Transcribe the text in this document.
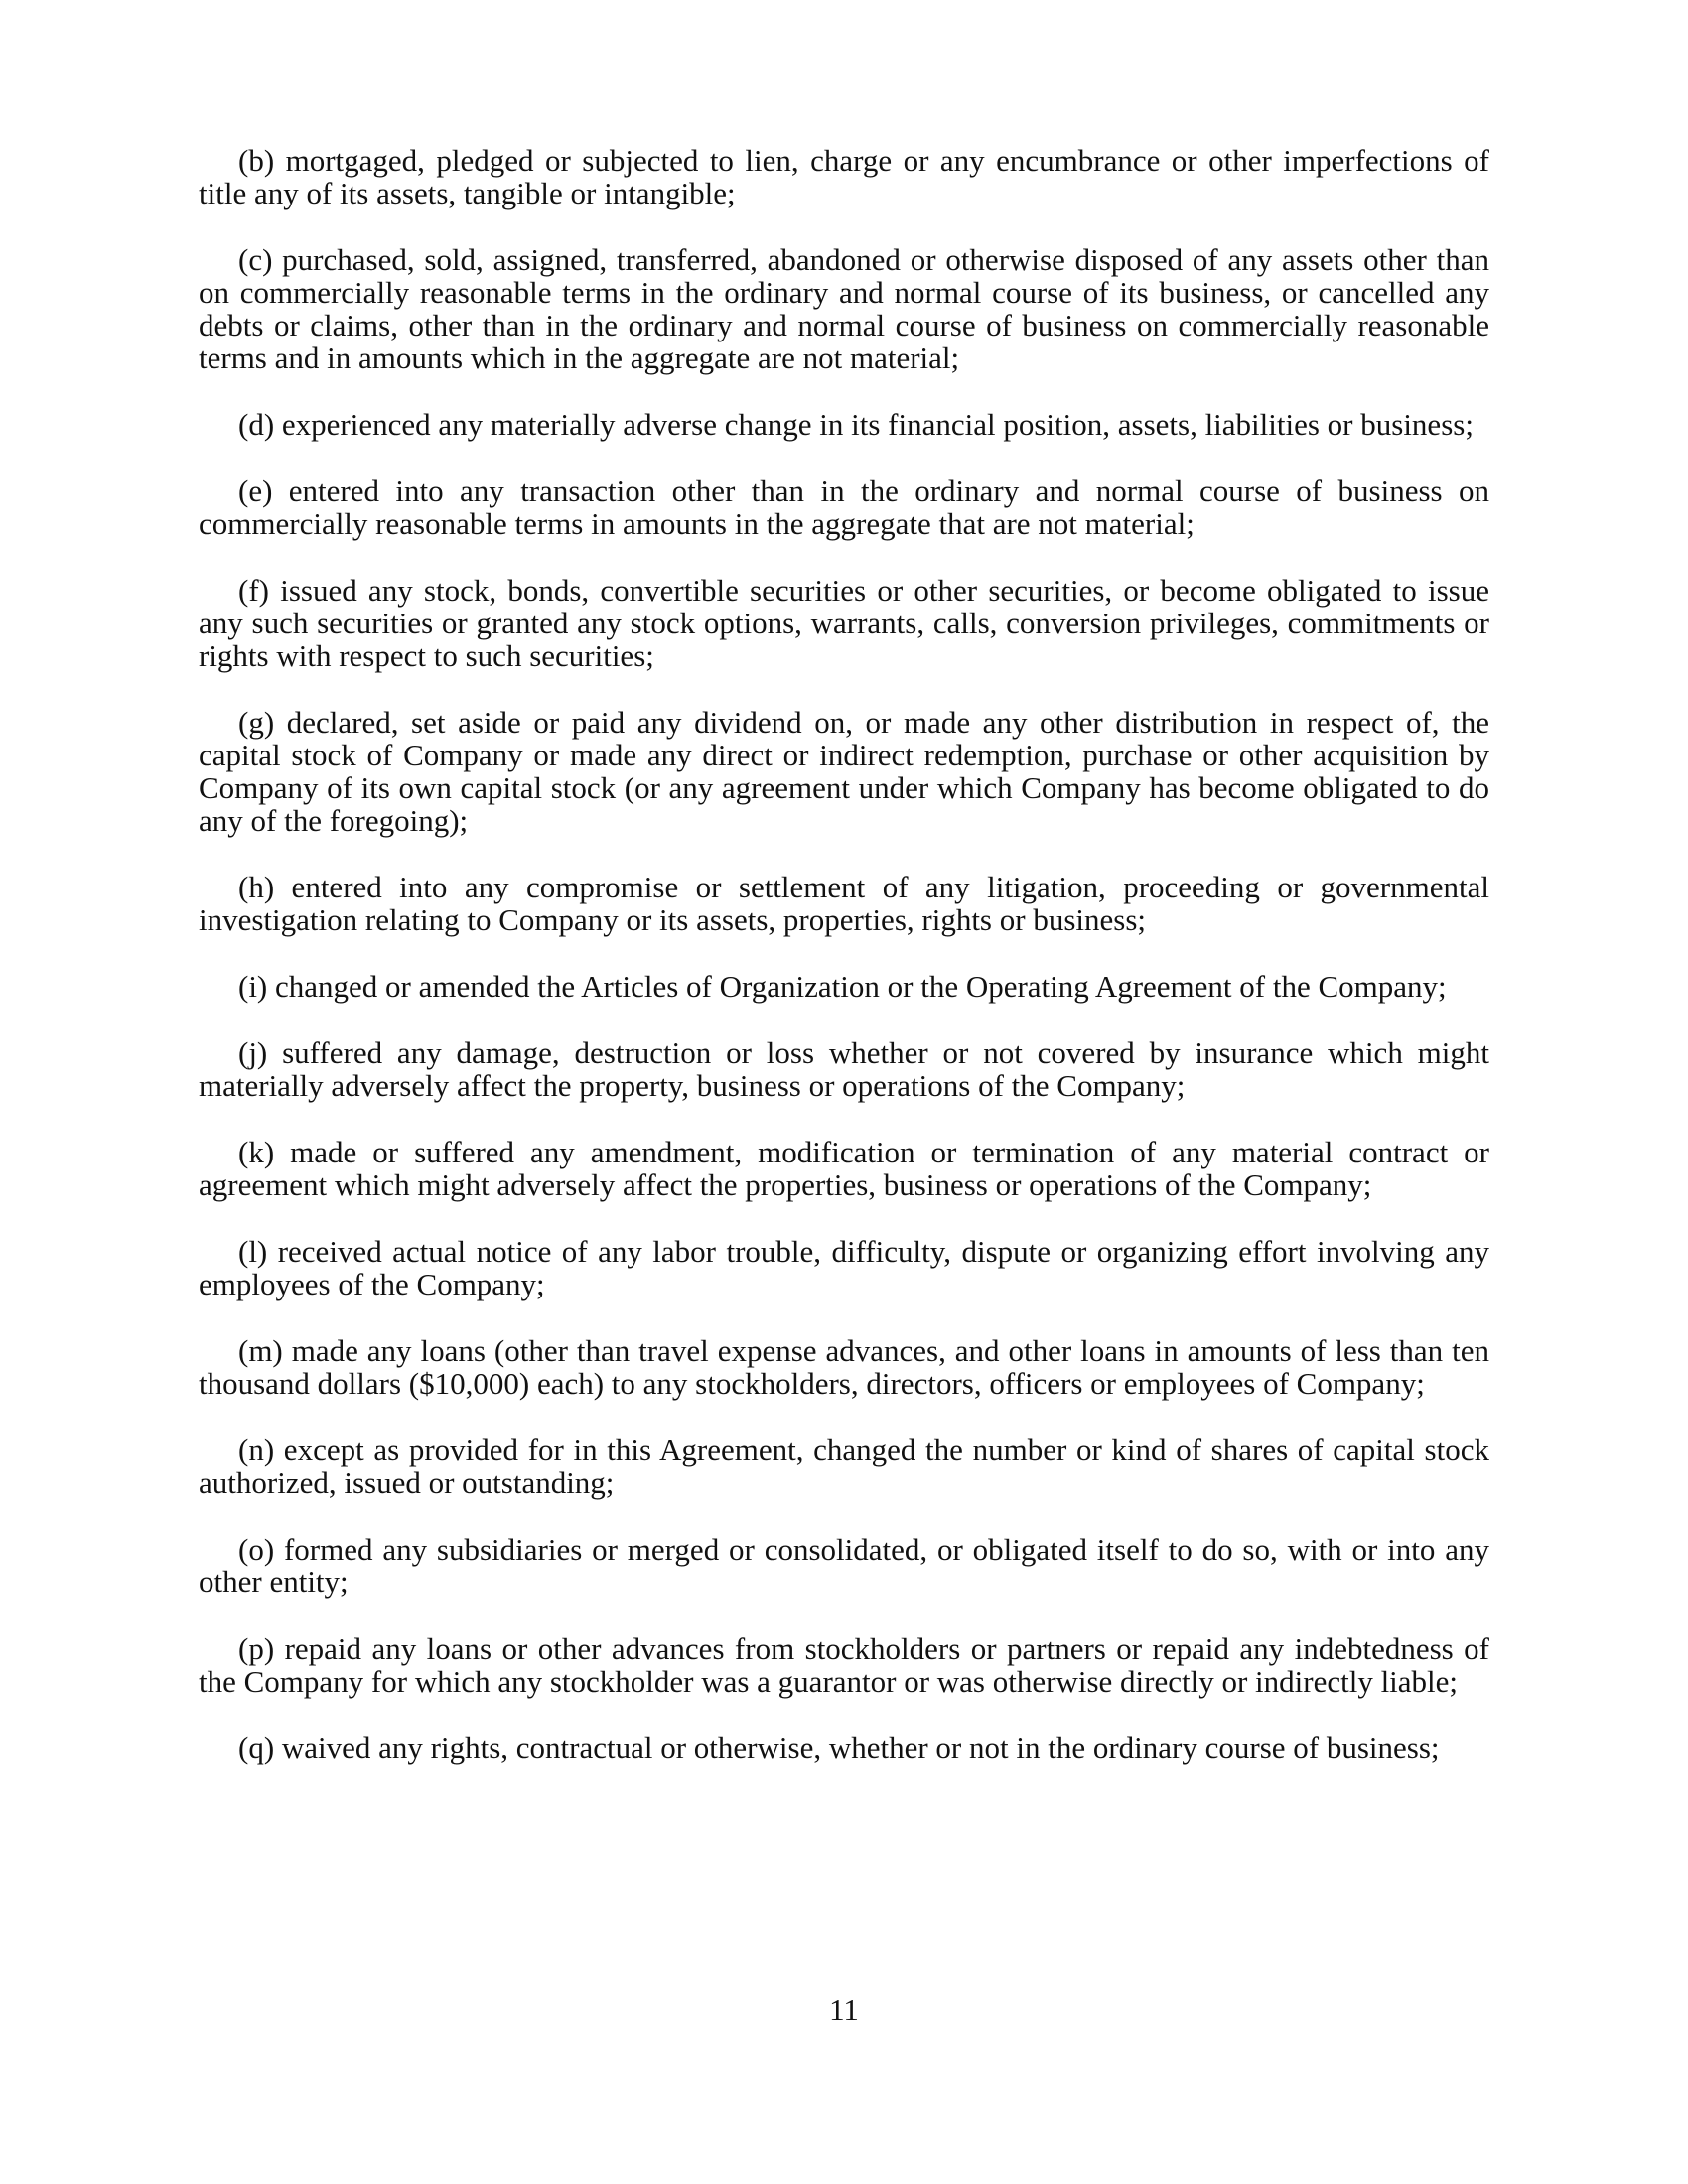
(b) mortgaged, pledged or subjected to lien, charge or any encumbrance or other imperfections of title any of its assets, tangible or intangible;

(c) purchased, sold, assigned, transferred, abandoned or otherwise disposed of any assets other than on commercially reasonable terms in the ordinary and normal course of its business, or cancelled any debts or claims, other than in the ordinary and normal course of business on commercially reasonable terms and in amounts which in the aggregate are not material;

(d) experienced any materially adverse change in its financial position, assets, liabilities or business;

(e) entered into any transaction other than in the ordinary and normal course of business on commercially reasonable terms in amounts in the aggregate that are not material;

(f) issued any stock, bonds, convertible securities or other securities, or become obligated to issue any such securities or granted any stock options, warrants, calls, conversion privileges, commitments or rights with respect to such securities;

(g) declared, set aside or paid any dividend on, or made any other distribution in respect of, the capital stock of Company or made any direct or indirect redemption, purchase or other acquisition by Company of its own capital stock (or any agreement under which Company has become obligated to do any of the foregoing);

(h) entered into any compromise or settlement of any litigation, proceeding or governmental investigation relating to Company or its assets, properties, rights or business;

(i) changed or amended the Articles of Organization or the Operating Agreement of the Company;

(j) suffered any damage, destruction or loss whether or not covered by insurance which might materially adversely affect the property, business or operations of the Company;

(k) made or suffered any amendment, modification or termination of any material contract or agreement which might adversely affect the properties, business or operations of the Company;

(l) received actual notice of any labor trouble, difficulty, dispute or organizing effort involving any employees of the Company;

(m) made any loans (other than travel expense advances, and other loans in amounts of less than ten thousand dollars ($10,000) each) to any stockholders, directors, officers or employees of Company;

(n) except as provided for in this Agreement, changed the number or kind of shares of capital stock authorized, issued or outstanding;

(o) formed any subsidiaries or merged or consolidated, or obligated itself to do so, with or into any other entity;

(p) repaid any loans or other advances from stockholders or partners or repaid any indebtedness of the Company for which any stockholder was a guarantor or was otherwise directly or indirectly liable;

(q) waived any rights, contractual or otherwise, whether or not in the ordinary course of business;

11
